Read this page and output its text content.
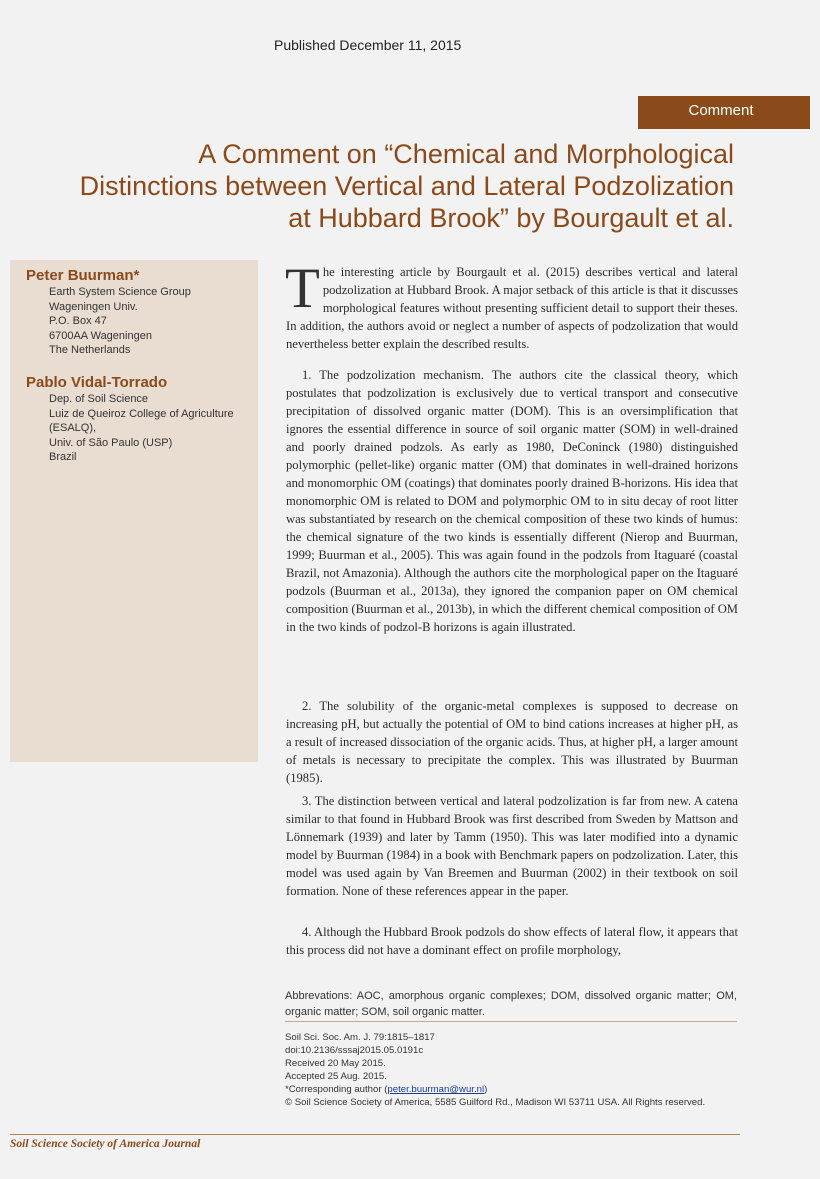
Published December 11, 2015
Comment
A Comment on “Chemical and Morphological
Distinctions between Vertical and Lateral Podzolization
at Hubbard Brook” by Bourgault et al.
Peter Buurman*
Earth System Science Group
Wageningen Univ.
P.O. Box 47
6700AA Wageningen
The Netherlands
Pablo Vidal-Torrado
Dep. of Soil Science
Luiz de Queiroz College of Agriculture
(ESALQ),
Univ. of São Paulo (USP)
Brazil
The interesting article by Bourgault et al. (2015) describes vertical and lateral podzolization at Hubbard Brook. A major setback of this article is that it discusses morphological features without presenting sufficient detail to support their theses. In addition, the authors avoid or neglect a number of aspects of podzolization that would nevertheless better explain the described results.

1. The podzolization mechanism. The authors cite the classical theory, which postulates that podzolization is exclusively due to vertical transport and consecutive precipitation of dissolved organic matter (DOM). This is an oversimplification that ignores the essential difference in source of soil organic matter (SOM) in well-drained and poorly drained podzols. As early as 1980, DeConinck (1980) distinguished polymorphic (pellet-like) organic matter (OM) that dominates in well-drained horizons and monomorphic OM (coatings) that dominates poorly drained B-horizons. His idea that monomorphic OM is related to DOM and polymorphic OM to in situ decay of root litter was substantiated by research on the chemical composition of these two kinds of humus: the chemical signature of the two kinds is essentially different (Nierop and Buurman, 1999; Buurman et al., 2005). This was again found in the podzols from Itaguaré (coastal Brazil, not Amazonia). Although the authors cite the morphological paper on the Itaguaré podzols (Buurman et al., 2013a), they ignored the companion paper on OM chemical composition (Buurman et al., 2013b), in which the different chemical composition of OM in the two kinds of podzol-B horizons is again illustrated.

2. The solubility of the organic-metal complexes is supposed to decrease on increasing pH, but actually the potential of OM to bind cations increases at higher pH, as a result of increased dissociation of the organic acids. Thus, at higher pH, a larger amount of metals is necessary to precipitate the complex. This was illustrated by Buurman (1985).

3. The distinction between vertical and lateral podzolization is far from new. A catena similar to that found in Hubbard Brook was first described from Sweden by Mattson and Lönnemark (1939) and later by Tamm (1950). This was later modified into a dynamic model by Buurman (1984) in a book with Benchmark papers on podzolization. Later, this model was used again by Van Breemen and Buurman (2002) in their textbook on soil formation. None of these references appear in the paper.

4. Although the Hubbard Brook podzols do show effects of lateral flow, it appears that this process did not have a dominant effect on profile morphology,

Abbrevations: AOC, amorphous organic complexes; DOM, dissolved organic matter; OM, organic matter; SOM, soil organic matter.
Soil Sci. Soc. Am. J. 79:1815–1817
doi:10.2136/sssaj2015.05.0191c
Received 20 May 2015.
Accepted 25 Aug. 2015.
*Corresponding author (peter.buurman@wur.nl)
© Soil Science Society of America, 5585 Guilford Rd., Madison WI 53711 USA. All Rights reserved.
Soil Science Society of America Journal
